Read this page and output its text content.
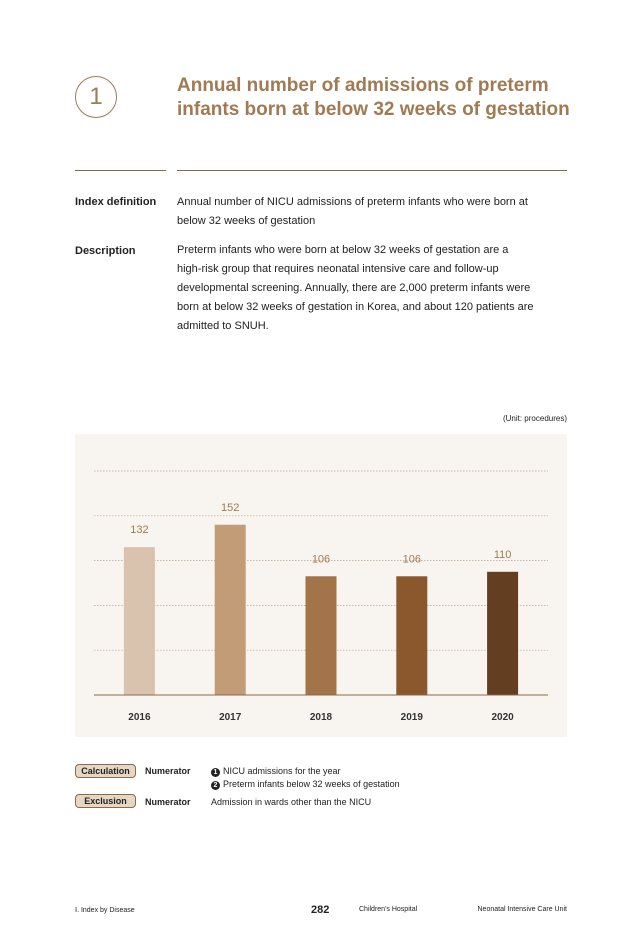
1	Annual number of admissions of preterm infants born at below 32 weeks of gestation
Index definition Annual number of NICU admissions of preterm infants who were born at
below 32 weeks of gestation
Description	Preterm infants who were born at below 32 weeks of gestation are a
high-risk group that requires neonatal intensive care and follow-up
developmental screening. Annually, there are 2,000 preterm infants were
born at below 32 weeks of gestation in Korea, and about 120 patients are
admitted to SNUH.
(Unit: procedures)
132
2016
152
2017
106
2018
106
2019
110
2020
Calculation	Numerator	1 NICU admissions for the year
2 Preterm infants below 32 weeks of gestation
Exclusion	Numerator Admission in wards other than the NICU
Ⅰ. Index by Disease	282	Children's Hospital	Neonatal Intensive Care Unit
